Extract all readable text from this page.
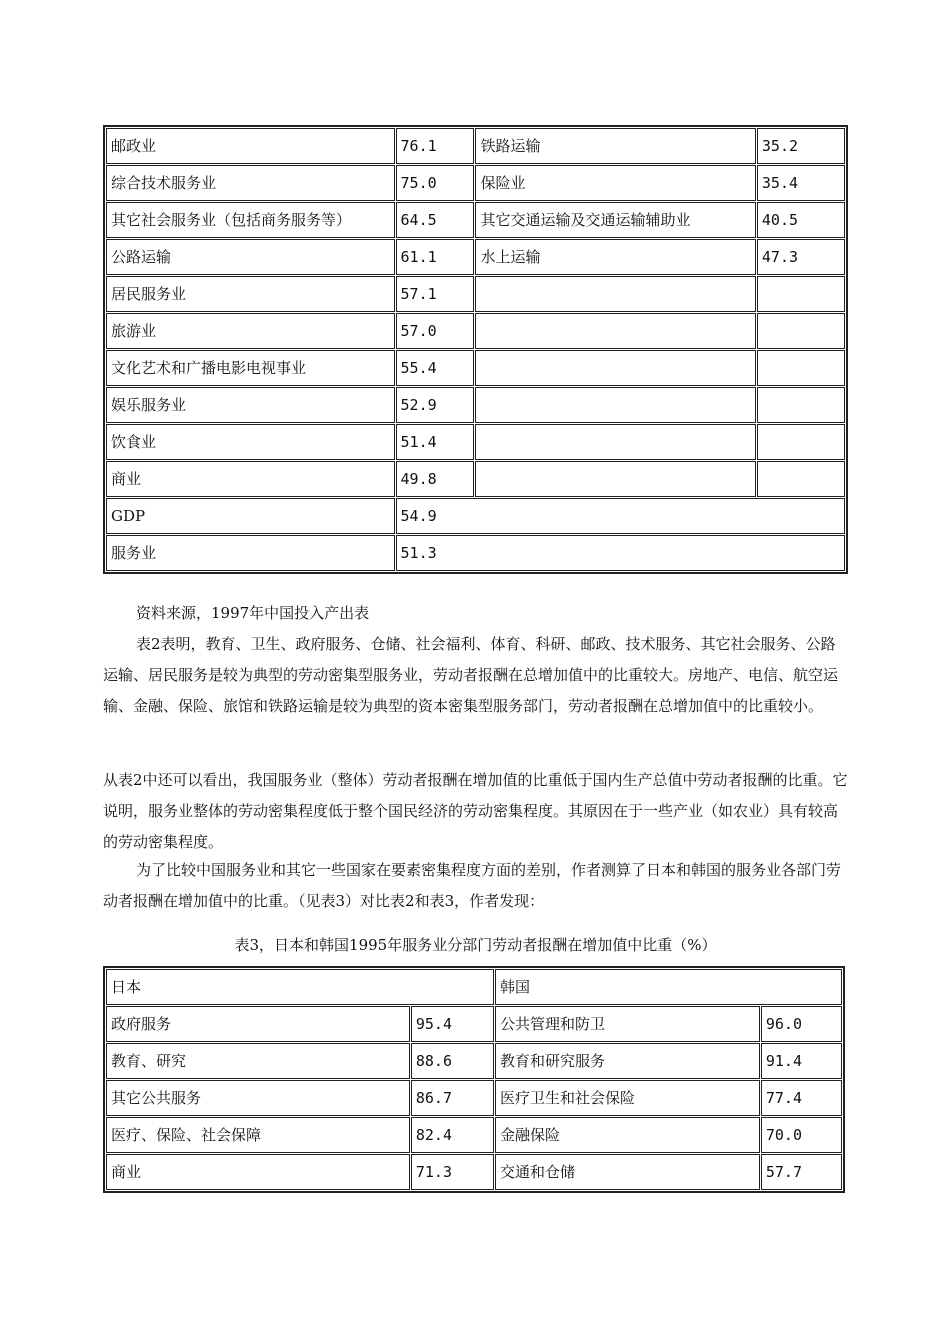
邮政业	76.1	铁路运输	35.2
综合技术服务业	75.0	保险业	35.4
其它社会服务业（包括商务服务等）	64.5	其它交通运输及交通运输辅助业	40.5
公路运输	61.1	水上运输	47.3
居民服务业	57.1		
旅游业	57.0		
文化艺术和广播电影电视事业	55.4		
娱乐服务业	52.9		
饮食业	51.4		
商业	49.8		
GDP	54.9		
服务业	51.3		
资料来源，1997年中国投入产出表
表2表明，教育、卫生、政府服务、仓储、社会福利、体育、科研、邮政、技术服务、其它社会服务、公路运输、居民服务是较为典型的劳动密集型服务业，劳动者报酬在总增加值中的比重较大。房地产、电信、航空运输、金融、保险、旅馆和铁路运输是较为典型的资本密集型服务部门，劳动者报酬在总增加值中的比重较小。
从表2中还可以看出，我国服务业（整体）劳动者报酬在增加值的比重低于国内生产总值中劳动者报酬的比重。它说明，服务业整体的劳动密集程度低于整个国民经济的劳动密集程度。其原因在于一些产业（如农业）具有较高的劳动密集程度。
为了比较中国服务业和其它一些国家在要素密集程度方面的差别，作者测算了日本和韩国的服务业各部门劳动者报酬在增加值中的比重。（见表3）对比表2和表3，作者发现：
表3，日本和韩国1995年服务业分部门劳动者报酬在增加值中比重（%）
日本		韩国	
政府服务	95.4	公共管理和防卫	96.0
教育、研究	88.6	教育和研究服务	91.4
其它公共服务	86.7	医疗卫生和社会保险	77.4
医疗、保险、社会保障	82.4	金融保险	70.0
商业	71.3	交通和仓储	57.7
